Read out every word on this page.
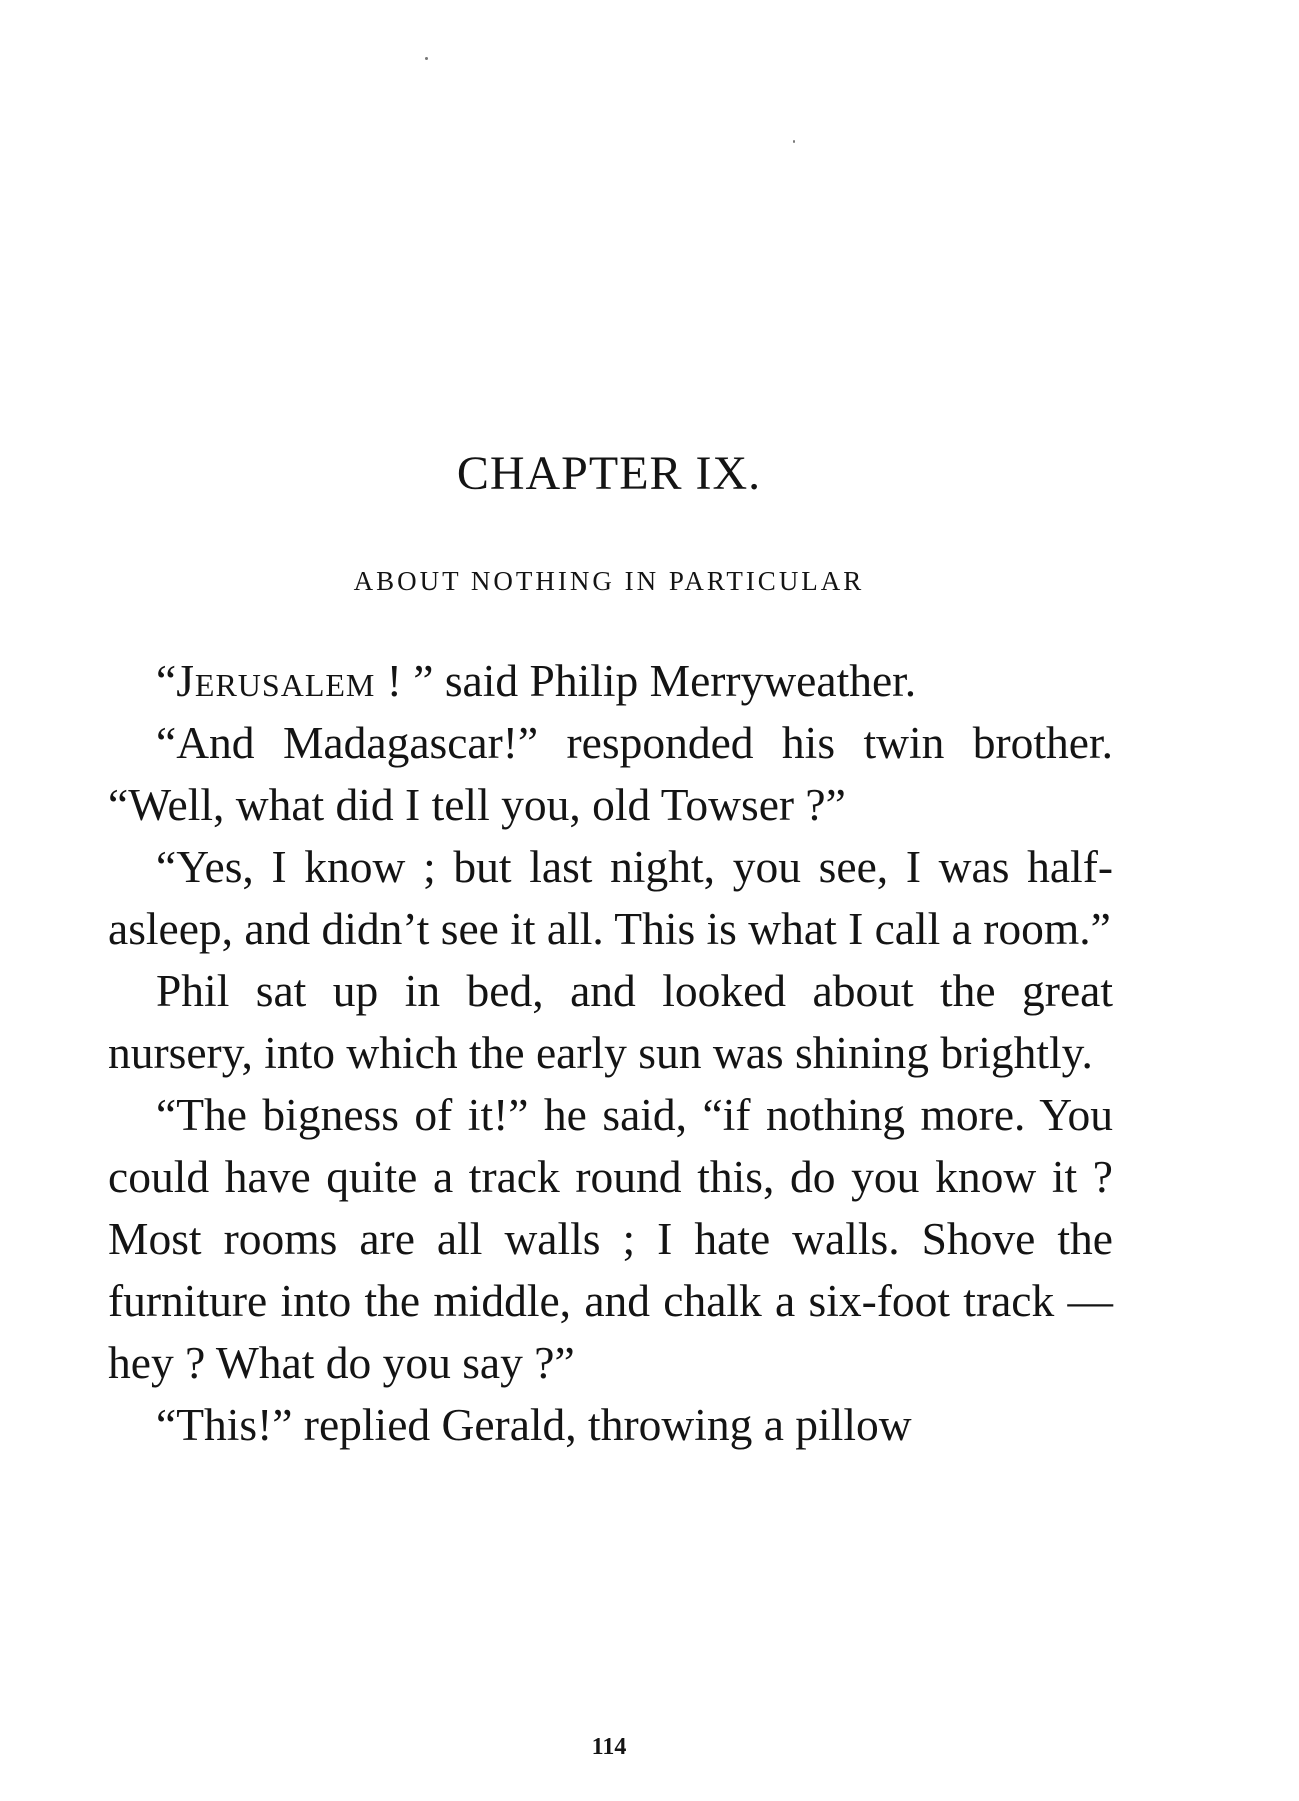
CHAPTER IX.
ABOUT NOTHING IN PARTICULAR

“Jerusalem ! ” said Philip Merryweather.

“And Madagascar!” responded his twin brother. “Well, what did I tell you, old Towser ?”

“Yes, I know ; but last night, you see, I was half-asleep, and didn’t see it all. This is what I call a room.”

Phil sat up in bed, and looked about the great nursery, into which the early sun was shining brightly.

“The bigness of it!” he said, “if nothing more. You could have quite a track round this, do you know it ? Most rooms are all walls ; I hate walls. Shove the furniture into the middle, and chalk a six-foot track — hey ? What do you say ?”

“This!” replied Gerald, throwing a pillow

114
